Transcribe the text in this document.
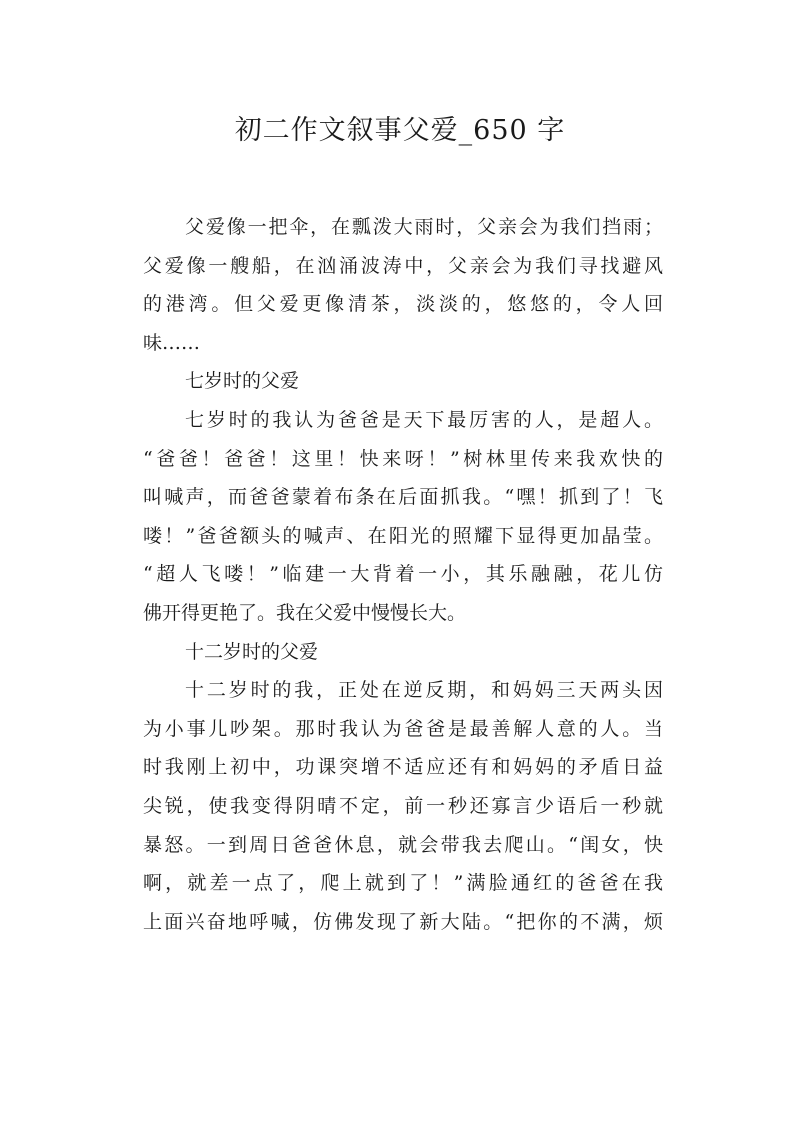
初二作文叙事父爱_650 字
父爱像一把伞，在瓢泼大雨时，父亲会为我们挡雨；
父爱像一艘船，在汹涌波涛中，父亲会为我们寻找避风
的港湾。但父爱更像清茶，淡淡的，悠悠的，令人回
味……
七岁时的父爱
七岁时的我认为爸爸是天下最厉害的人，是超人。
“爸爸！爸爸！这里！快来呀！”树林里传来我欢快的
叫喊声，而爸爸蒙着布条在后面抓我。“嘿！抓到了！飞
喽！”爸爸额头的喊声、在阳光的照耀下显得更加晶莹。
“超人飞喽！”临建一大背着一小，其乐融融，花儿仿
佛开得更艳了。我在父爱中慢慢长大。
十二岁时的父爱
十二岁时的我，正处在逆反期，和妈妈三天两头因
为小事儿吵架。那时我认为爸爸是最善解人意的人。当
时我刚上初中，功课突增不适应还有和妈妈的矛盾日益
尖锐，使我变得阴晴不定，前一秒还寡言少语后一秒就
暴怒。一到周日爸爸休息，就会带我去爬山。“闺女，快
啊，就差一点了，爬上就到了！”满脸通红的爸爸在我
上面兴奋地呼喊，仿佛发现了新大陆。“把你的不满，烦
